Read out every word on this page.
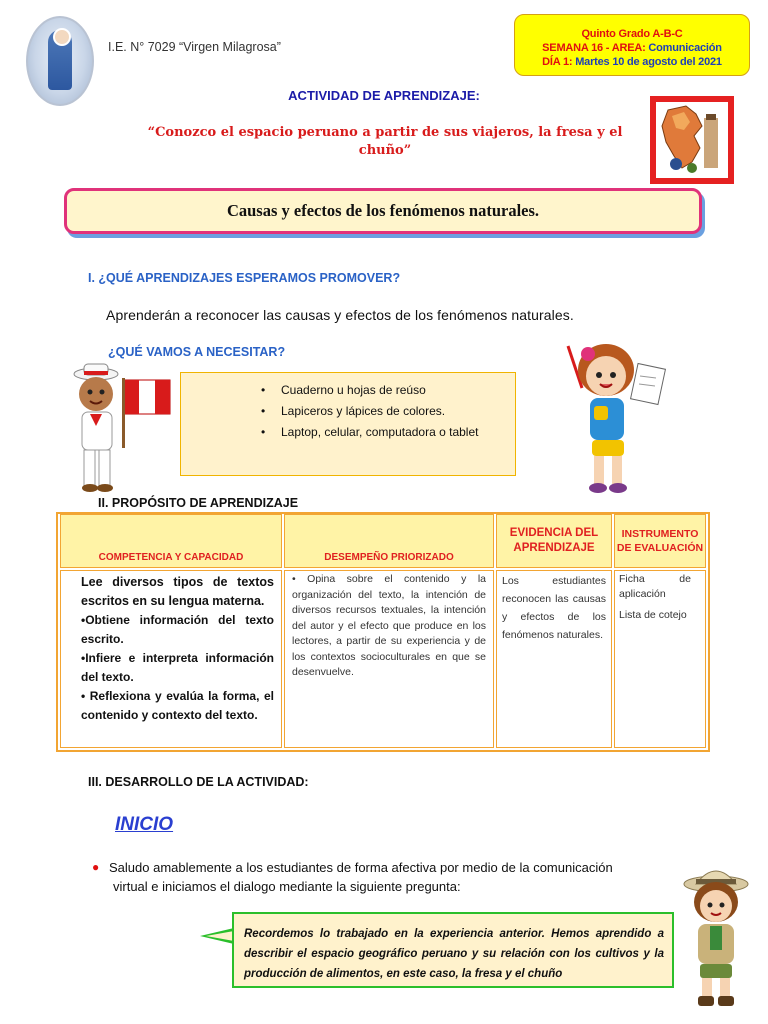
I.E. N° 7029 “Virgen Milagrosa”
Quinto Grado A-B-C
SEMANA 16 - AREA: Comunicación
DÍA 1: Martes 10 de agosto del 2021
ACTIVIDAD DE APRENDIZAJE:
“Conozco el espacio peruano a partir de sus viajeros, la fresa y el chuño”
Causas y efectos de los fenómenos naturales.
I. ¿QUÉ APRENDIZAJES ESPERAMOS PROMOVER?
Aprenderán a reconocer las causas y efectos de los fenómenos naturales.
¿QUÉ VAMOS A NECESITAR?
• Cuaderno u hojas de reúso
• Lapiceros y lápices de colores.
• Laptop, celular, computadora o tablet
II. PROPÓSITO DE APRENDIZAJE
COMPETENCIA Y CAPACIDAD	DESEMPEÑO PRIORIZADO
EVIDENCIA DEL APRENDIZAJE
INSTRUMENTO DE EVALUACIÓN
Lee diversos tipos de textos escritos en su lengua materna.
•Obtiene información del texto escrito.
•Infiere e interpreta información del texto.
• Reflexiona y evalúa la forma, el contenido y contexto del texto.
• Opina sobre el contenido y la organización del texto, la intención de diversos recursos textuales, la intención del autor y el efecto que produce en los lectores, a partir de su experiencia y de los contextos socioculturales en que se desenvuelve.
Los estudiantes reconocen las causas y efectos de los fenómenos naturales.
Ficha de aplicación
Lista de cotejo
III. DESARROLLO DE LA ACTIVIDAD:
INICIO
● Saludo amablemente a los estudiantes de forma afectiva por medio de la comunicación
virtual e iniciamos el dialogo mediante la siguiente pregunta:
Recordemos lo trabajado en la experiencia anterior. Hemos aprendido a describir el espacio geográfico peruano y su relación con los cultivos y la producción de alimentos, en este caso, la fresa y el chuño
